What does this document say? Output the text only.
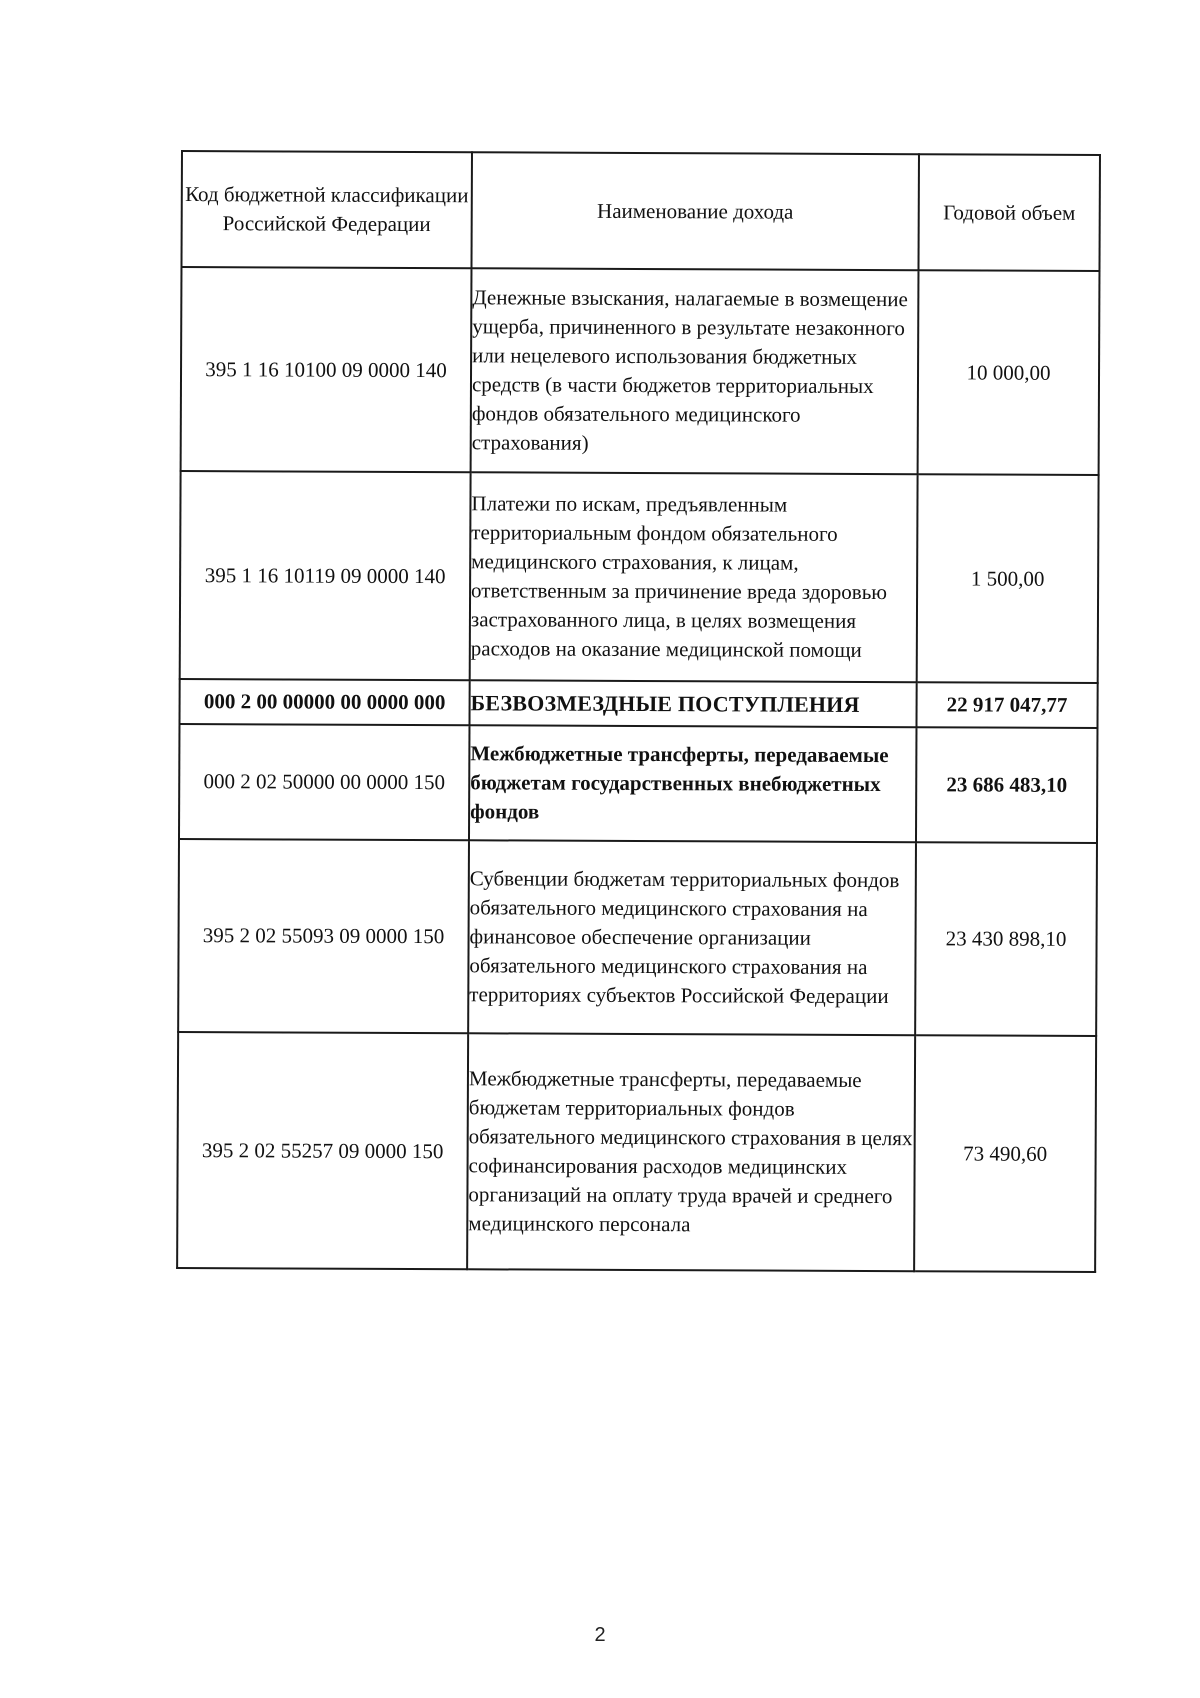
Код бюджетной классификации Российской Федерации	Наименование дохода	Годовой объем
395 1 16 10100 09 0000 140	Денежные взыскания, налагаемые в возмещение ущерба, причиненного в результате незаконного или нецелевого использования бюджетных средств (в части бюджетов территориальных фондов обязательного медицинского страхования)	10 000,00
395 1 16 10119 09 0000 140	Платежи по искам, предъявленным территориальным фондом обязательного медицинского страхования, к лицам, ответственным за причинение вреда здоровью застрахованного лица, в целях возмещения расходов на оказание медицинской помощи	1 500,00
000 2 00 00000 00 0000 000	БЕЗВОЗМЕЗДНЫЕ ПОСТУПЛЕНИЯ	22 917 047,77
000 2 02 50000 00 0000 150	Межбюджетные трансферты, передаваемые бюджетам государственных внебюджетных фондов	23 686 483,10
395 2 02 55093 09 0000 150	Субвенции бюджетам территориальных фондов обязательного медицинского страхования на финансовое обеспечение организации обязательного медицинского страхования на территориях субъектов Российской Федерации	23 430 898,10
395 2 02 55257 09 0000 150	Межбюджетные трансферты, передаваемые бюджетам территориальных фондов обязательного медицинского страхования в целях софинансирования расходов медицинских организаций на оплату труда врачей и среднего медицинского персонала	73 490,60
2
